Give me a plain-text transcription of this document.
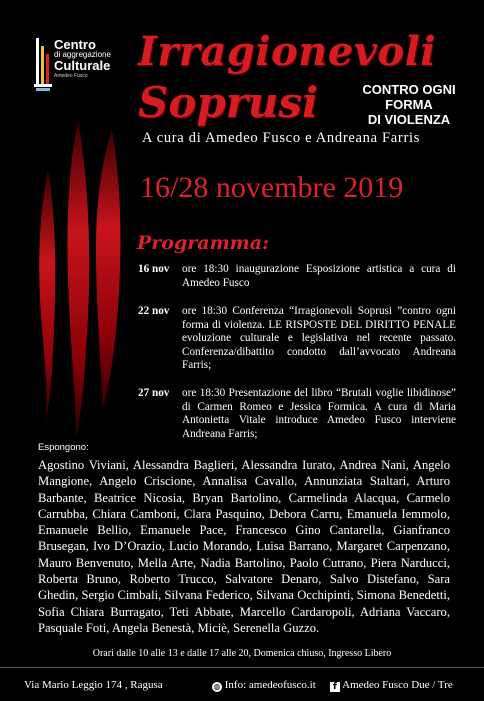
Centro
di aggregazione
Culturale
Amedeo Fusco
Irragionevoli
Soprusi	CONTRO OGNI
FORMA
DI VIOLENZA
A cura di Amedeo Fusco e Andreana Farris
16/28 novembre 2019
Programma:
16 nov	ore 18:30 inaugurazione Esposizione artistica a cura di Amedeo Fusco
22 nov	ore 18:30 Conferenza “Irragionevoli Soprusi ”contro ogni forma di violenza. LE RISPOSTE DEL DIRITTO PENALE evoluzione culturale e legislativa nel recente passato. Conferenza/dibattito condotto dall’avvocato Andreana Farris;
27 nov	ore 18:30 Presentazione del libro “Brutali voglie libidinose” di Carmen Romeo e Jessica Formica. A cura di Maria Antonietta Vitale introduce Amedeo Fusco interviene Andreana Farris;
Espongono:
Agostino Viviani, Alessandra Baglieri, Alessandra Iurato, Andrea Nanì, Angelo Mangione, Angelo Criscione, Annalisa Cavallo, Annunziata Staltari, Arturo Barbante, Beatrice Nicosia, Bryan Bartolino, Carmelinda Alacqua, Carmelo Carrubba, Chiara Camboni, Clara Pasquino, Debora Carru, Emanuela Iemmolo, Emanuele Bellio, Emanuele Pace, Francesco Gino Cantarella, Gianfranco Brusegan, Ivo D’Orazio, Lucio Morando, Luisa Barrano, Margaret Carpenzano, Mauro Benvenuto, Mella Arte, Nadia Bartolino, Paolo Cutrano, Piera Narducci, Roberta Bruno, Roberto Trucco, Salvatore Denaro, Salvo Distefano, Sara Ghedin, Sergio Cimbali, Silvana Federico, Silvana Occhipinti, Simona Benedetti, Sofia Chiara Burragato, Teti Abbate, Marcello Cardaropoli, Adriana Vaccaro, Pasquale Foti, Angela Benestà, Miciè, Serenella Guzzo.
Orari dalle 10 alle 13 e dalle 17 alle 20, Domenica chiuso, Ingresso Libero
Via Mario Leggio 174 , Ragusa	◍ Info: amedeofusco.it	f Amedeo Fusco Due / Tre
